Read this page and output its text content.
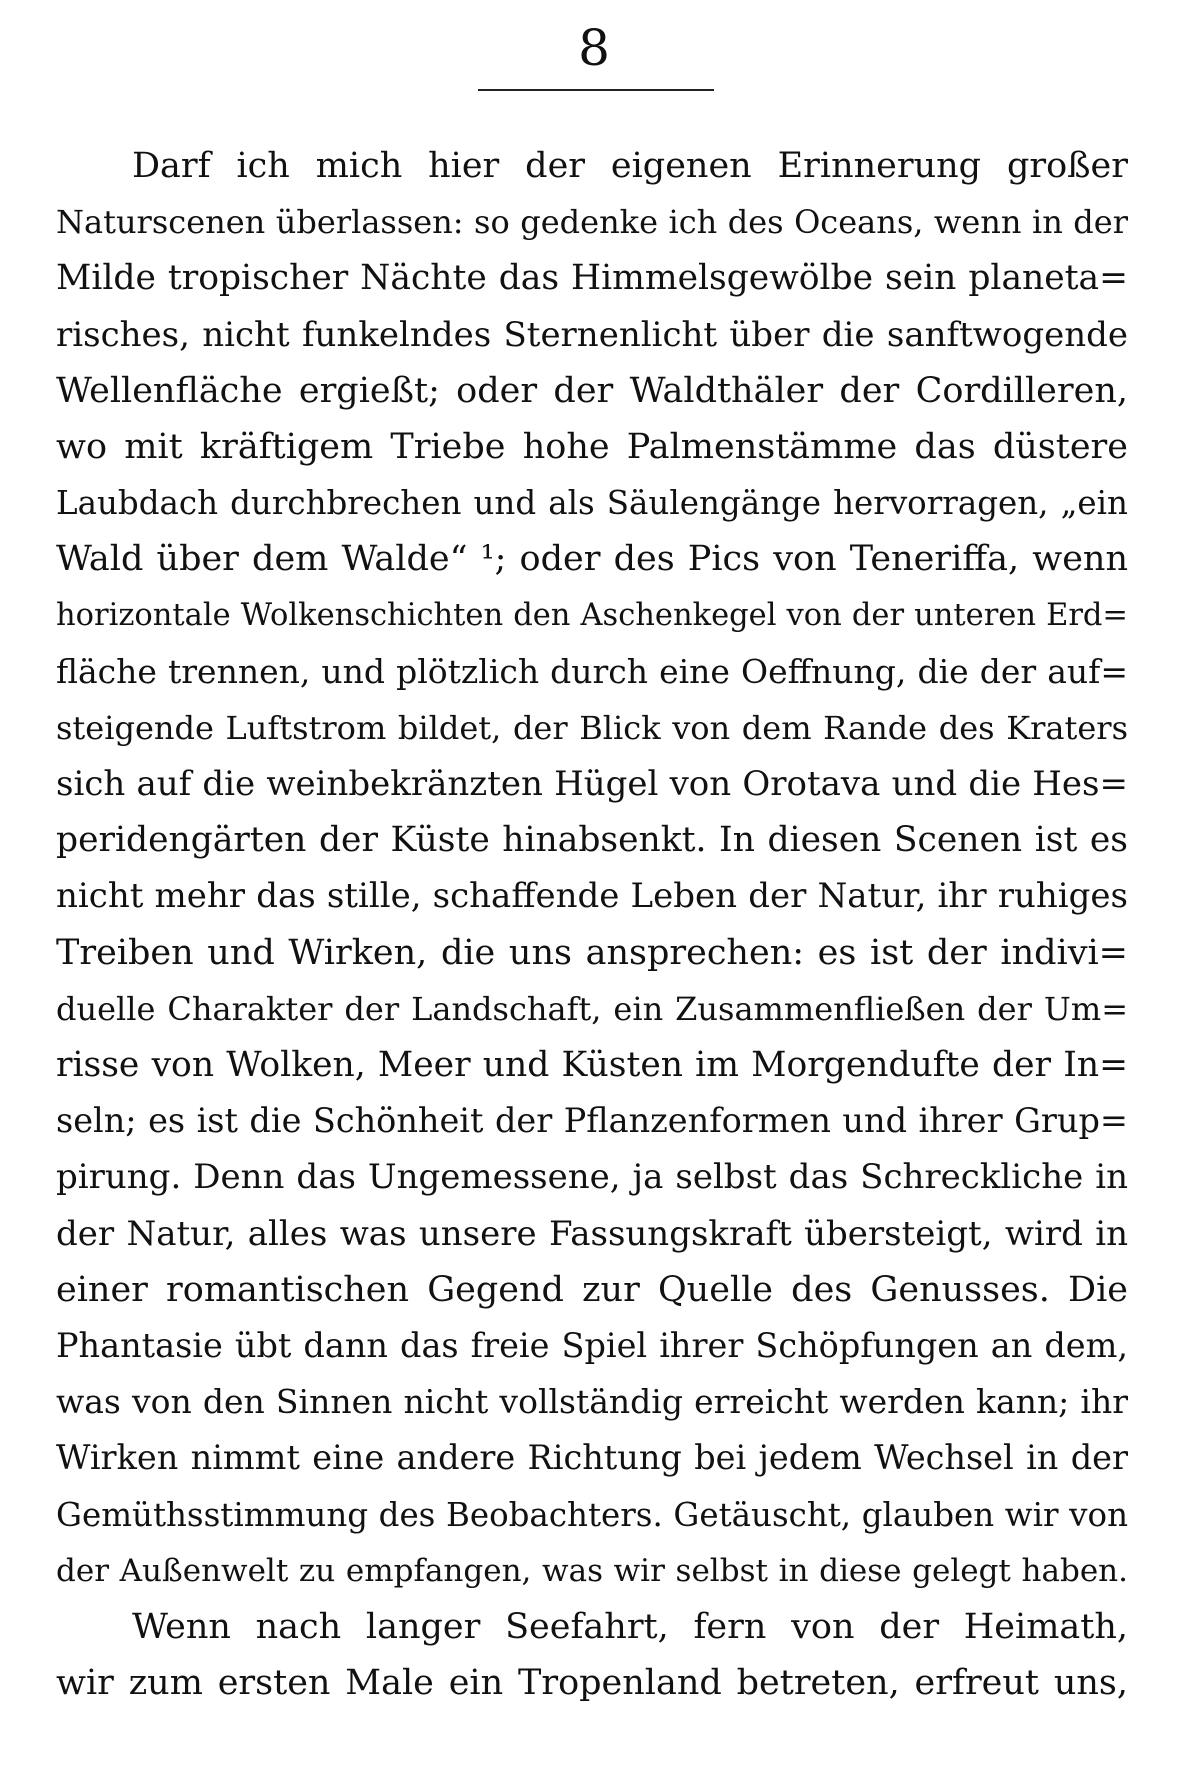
8
Darf ich mich hier der eigenen Erinnerung großer
Naturscenen überlassen: so gedenke ich des Oceans, wenn in der
Milde tropischer Nächte das Himmelsgewölbe sein planeta=
risches, nicht funkelndes Sternenlicht über die sanftwogende
Wellenfläche ergießt; oder der Waldthäler der Cordilleren,
wo mit kräftigem Triebe hohe Palmenstämme das düstere
Laubdach durchbrechen und als Säulengänge hervorragen, „ein
Wald über dem Walde“ ¹; oder des Pics von Teneriffa, wenn
horizontale Wolkenschichten den Aschenkegel von der unteren Erd=
fläche trennen, und plötzlich durch eine Oeffnung, die der auf=
steigende Luftstrom bildet, der Blick von dem Rande des Kraters
sich auf die weinbekränzten Hügel von Orotava und die Hes=
peridengärten der Küste hinabsenkt. In diesen Scenen ist es
nicht mehr das stille, schaffende Leben der Natur, ihr ruhiges
Treiben und Wirken, die uns ansprechen: es ist der indivi=
duelle Charakter der Landschaft, ein Zusammenfließen der Um=
risse von Wolken, Meer und Küsten im Morgendufte der In=
seln; es ist die Schönheit der Pflanzenformen und ihrer Grup=
pirung. Denn das Ungemessene, ja selbst das Schreckliche in
der Natur, alles was unsere Fassungskraft übersteigt, wird in
einer romantischen Gegend zur Quelle des Genusses. Die
Phantasie übt dann das freie Spiel ihrer Schöpfungen an dem,
was von den Sinnen nicht vollständig erreicht werden kann; ihr
Wirken nimmt eine andere Richtung bei jedem Wechsel in der
Gemüthsstimmung des Beobachters. Getäuscht, glauben wir von
der Außenwelt zu empfangen, was wir selbst in diese gelegt haben.
Wenn nach langer Seefahrt, fern von der Heimath,
wir zum ersten Male ein Tropenland betreten, erfreut uns,
